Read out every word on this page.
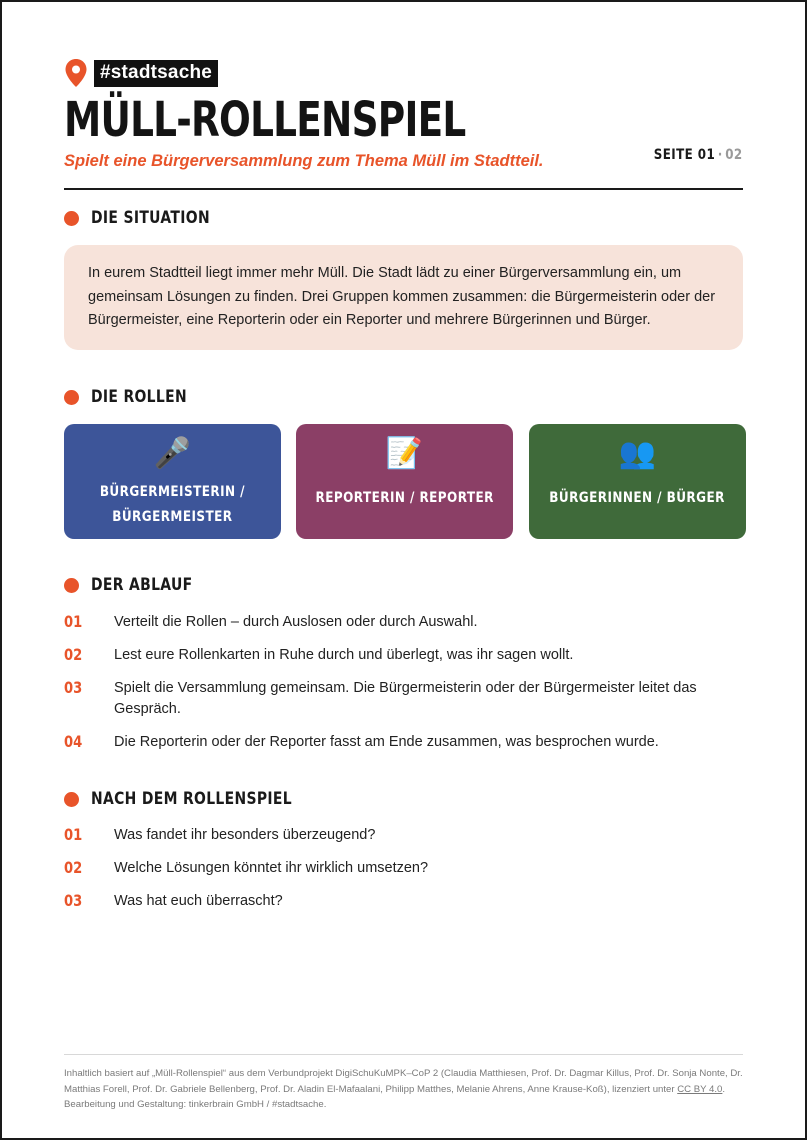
#stadtsache
MÜLL-ROLLENSPIEL
Spielt eine Bürgerversammlung zum Thema Müll im Stadtteil.	SEITE 01 · 02
DIE SITUATION
In eurem Stadtteil liegt immer mehr Müll. Die Stadt lädt zu einer Bürgerversammlung ein, um gemeinsam Lösungen zu finden. Drei Gruppen kommen zusammen: die Bürgermeisterin oder der Bürgermeister, eine Reporterin oder ein Reporter und mehrere Bürgerinnen und Bürger.
DIE ROLLEN
🎤
BÜRGERMEISTERIN /
BÜRGERMEISTER
📝
REPORTERIN / REPORTER
👥
BÜRGERINNEN / BÜRGER
DER ABLAUF
01	Verteilt die Rollen – durch Auslosen oder durch Auswahl.
02	Lest eure Rollenkarten in Ruhe durch und überlegt, was ihr sagen wollt.
03	Spielt die Versammlung gemeinsam. Die Bürgermeisterin oder der Bürgermeister leitet das Gespräch.
04	Die Reporterin oder der Reporter fasst am Ende zusammen, was besprochen wurde.
NACH DEM ROLLENSPIEL
01	Was fandet ihr besonders überzeugend?
02	Welche Lösungen könntet ihr wirklich umsetzen?
03	Was hat euch überrascht?
Inhaltlich basiert auf „Müll-Rollenspiel“ aus dem Verbundprojekt DigiSchuKuMPK–CoP 2 (Claudia Matthiesen, Prof. Dr. Dagmar Killus, Prof. Dr. Sonja Nonte, Dr. Matthias Forell, Prof. Dr. Gabriele Bellenberg, Prof. Dr. Aladin El-Mafaalani, Philipp Matthes, Melanie Ahrens, Anne Krause-Koß), lizenziert unter CC BY 4.0.
Bearbeitung und Gestaltung: tinkerbrain GmbH / #stadtsache.
